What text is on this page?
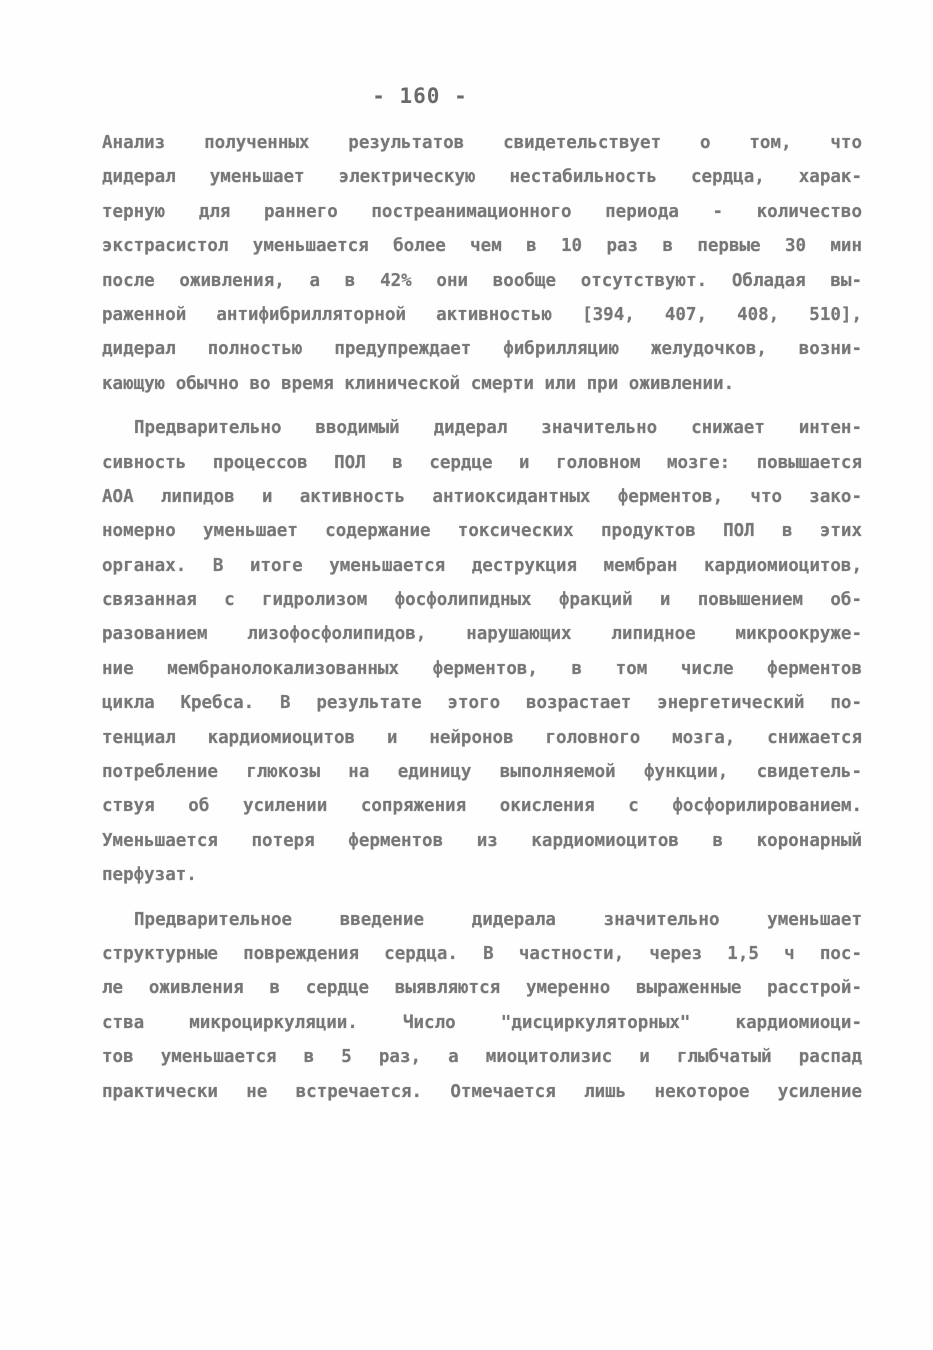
- 160 -
Анализ полученных результатов свидетельствует о том, что
дидерал уменьшает электрическую нестабильность сердца, харак-
терную для раннего постреанимационного периода - количество
экстрасистол уменьшается более чем в 10 раз в первые 30 мин
после оживления, а в 42% они вообще отсутствуют. Обладая вы-
раженной антифибрилляторной активностью [394, 407, 408, 510],
дидерал полностью предупреждает фибрилляцию желудочков, возни-
кающую обычно во время клинической смерти или при оживлении.
Предварительно вводимый дидерал значительно снижает интен-
сивность процессов ПОЛ в сердце и головном мозге: повышается
АОА липидов и активность антиоксидантных ферментов, что зако-
номерно уменьшает содержание токсических продуктов ПОЛ в этих
органах. В итоге уменьшается деструкция мембран кардиомиоцитов,
связанная с гидролизом фосфолипидных фракций и повышением об-
разованием лизофосфолипидов, нарушающих липидное микроокруже-
ние мембранолокализованных ферментов, в том числе ферментов
цикла Кребса. В результате этого возрастает энергетический по-
тенциал кардиомиоцитов и нейронов головного мозга, снижается
потребление глюкозы на единицу выполняемой функции, свидетель-
ствуя об усилении сопряжения окисления с фосфорилированием.
Уменьшается потеря ферментов из кардиомиоцитов в коронарный
перфузат.
Предварительное введение дидерала значительно уменьшает
структурные повреждения сердца. В частности, через 1,5 ч пос-
ле оживления в сердце выявляются умеренно выраженные расстрой-
ства микроциркуляции. Число "дисциркуляторных" кардиомиоци-
тов уменьшается в 5 раз, а миоцитолизис и глыбчатый распад
практически не встречается. Отмечается лишь некоторое усиление
